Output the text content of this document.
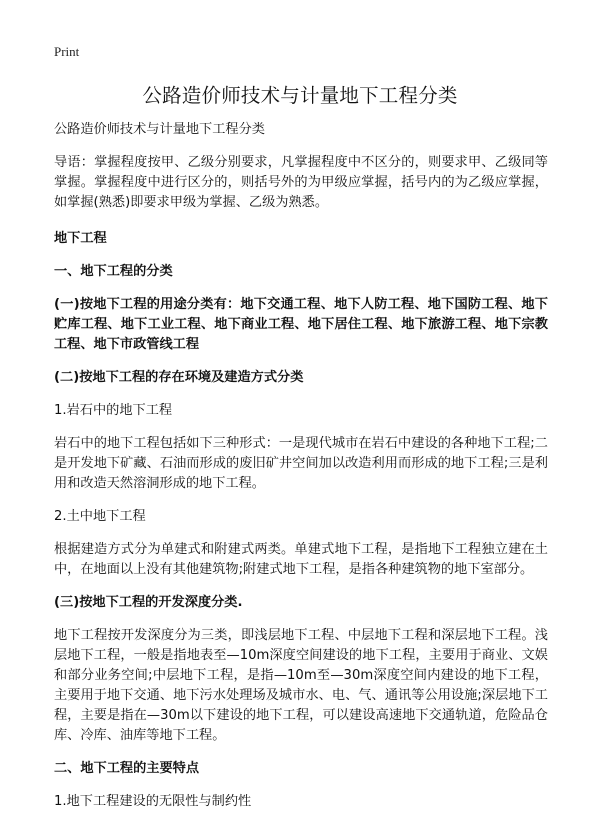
Print
公路造价师技术与计量地下工程分类

公路造价师技术与计量地下工程分类

导语：掌握程度按甲、乙级分别要求，凡掌握程度中不区分的，则要求甲、乙级同等掌握。掌握程度中进行区分的，则括号外的为甲级应掌握，括号内的为乙级应掌握，如掌握(熟悉)即要求甲级为掌握、乙级为熟悉。

地下工程

一、地下工程的分类

(一)按地下工程的用途分类有：地下交通工程、地下人防工程、地下国防工程、地下贮库工程、地下工业工程、地下商业工程、地下居住工程、地下旅游工程、地下宗教工程、地下市政管线工程

(二)按地下工程的存在环境及建造方式分类

1.岩石中的地下工程

岩石中的地下工程包括如下三种形式：一是现代城市在岩石中建设的各种地下工程;二是开发地下矿藏、石油而形成的废旧矿井空间加以改造利用而形成的地下工程;三是利用和改造天然溶洞形成的地下工程。

2.土中地下工程

根据建造方式分为单建式和附建式两类。单建式地下工程，是指地下工程独立建在土中，在地面以上没有其他建筑物;附建式地下工程，是指各种建筑物的地下室部分。

(三)按地下工程的开发深度分类.

地下工程按开发深度分为三类，即浅层地下工程、中层地下工程和深层地下工程。浅层地下工程，一般是指地表至—10m深度空间建设的地下工程，主要用于商业、文娱和部分业务空间;中层地下工程，是指—10m至—30m深度空间内建设的地下工程，主要用于地下交通、地下污水处理场及城市水、电、气、通讯等公用设施;深层地下工程，主要是指在—30m以下建设的地下工程，可以建设高速地下交通轨道，危险品仓库、冷库、油库等地下工程。

二、地下工程的主要特点

1.地下工程建设的无限性与制约性
